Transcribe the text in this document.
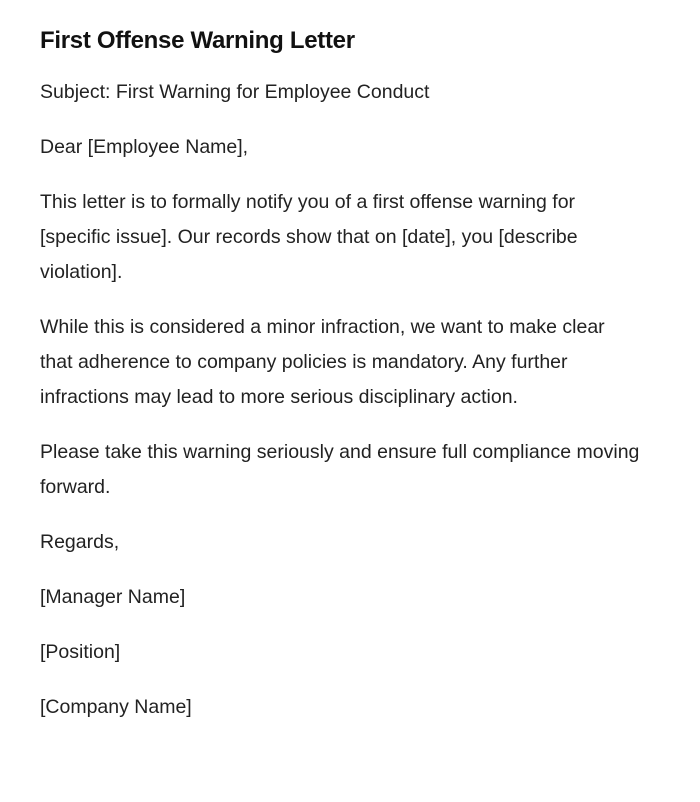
First Offense Warning Letter

Subject: First Warning for Employee Conduct

Dear [Employee Name],

This letter is to formally notify you of a first offense warning for [specific issue]. Our records show that on [date], you [describe violation].

While this is considered a minor infraction, we want to make clear that adherence to company policies is mandatory. Any further infractions may lead to more serious disciplinary action.

Please take this warning seriously and ensure full compliance moving forward.

Regards,

[Manager Name]

[Position]

[Company Name]
